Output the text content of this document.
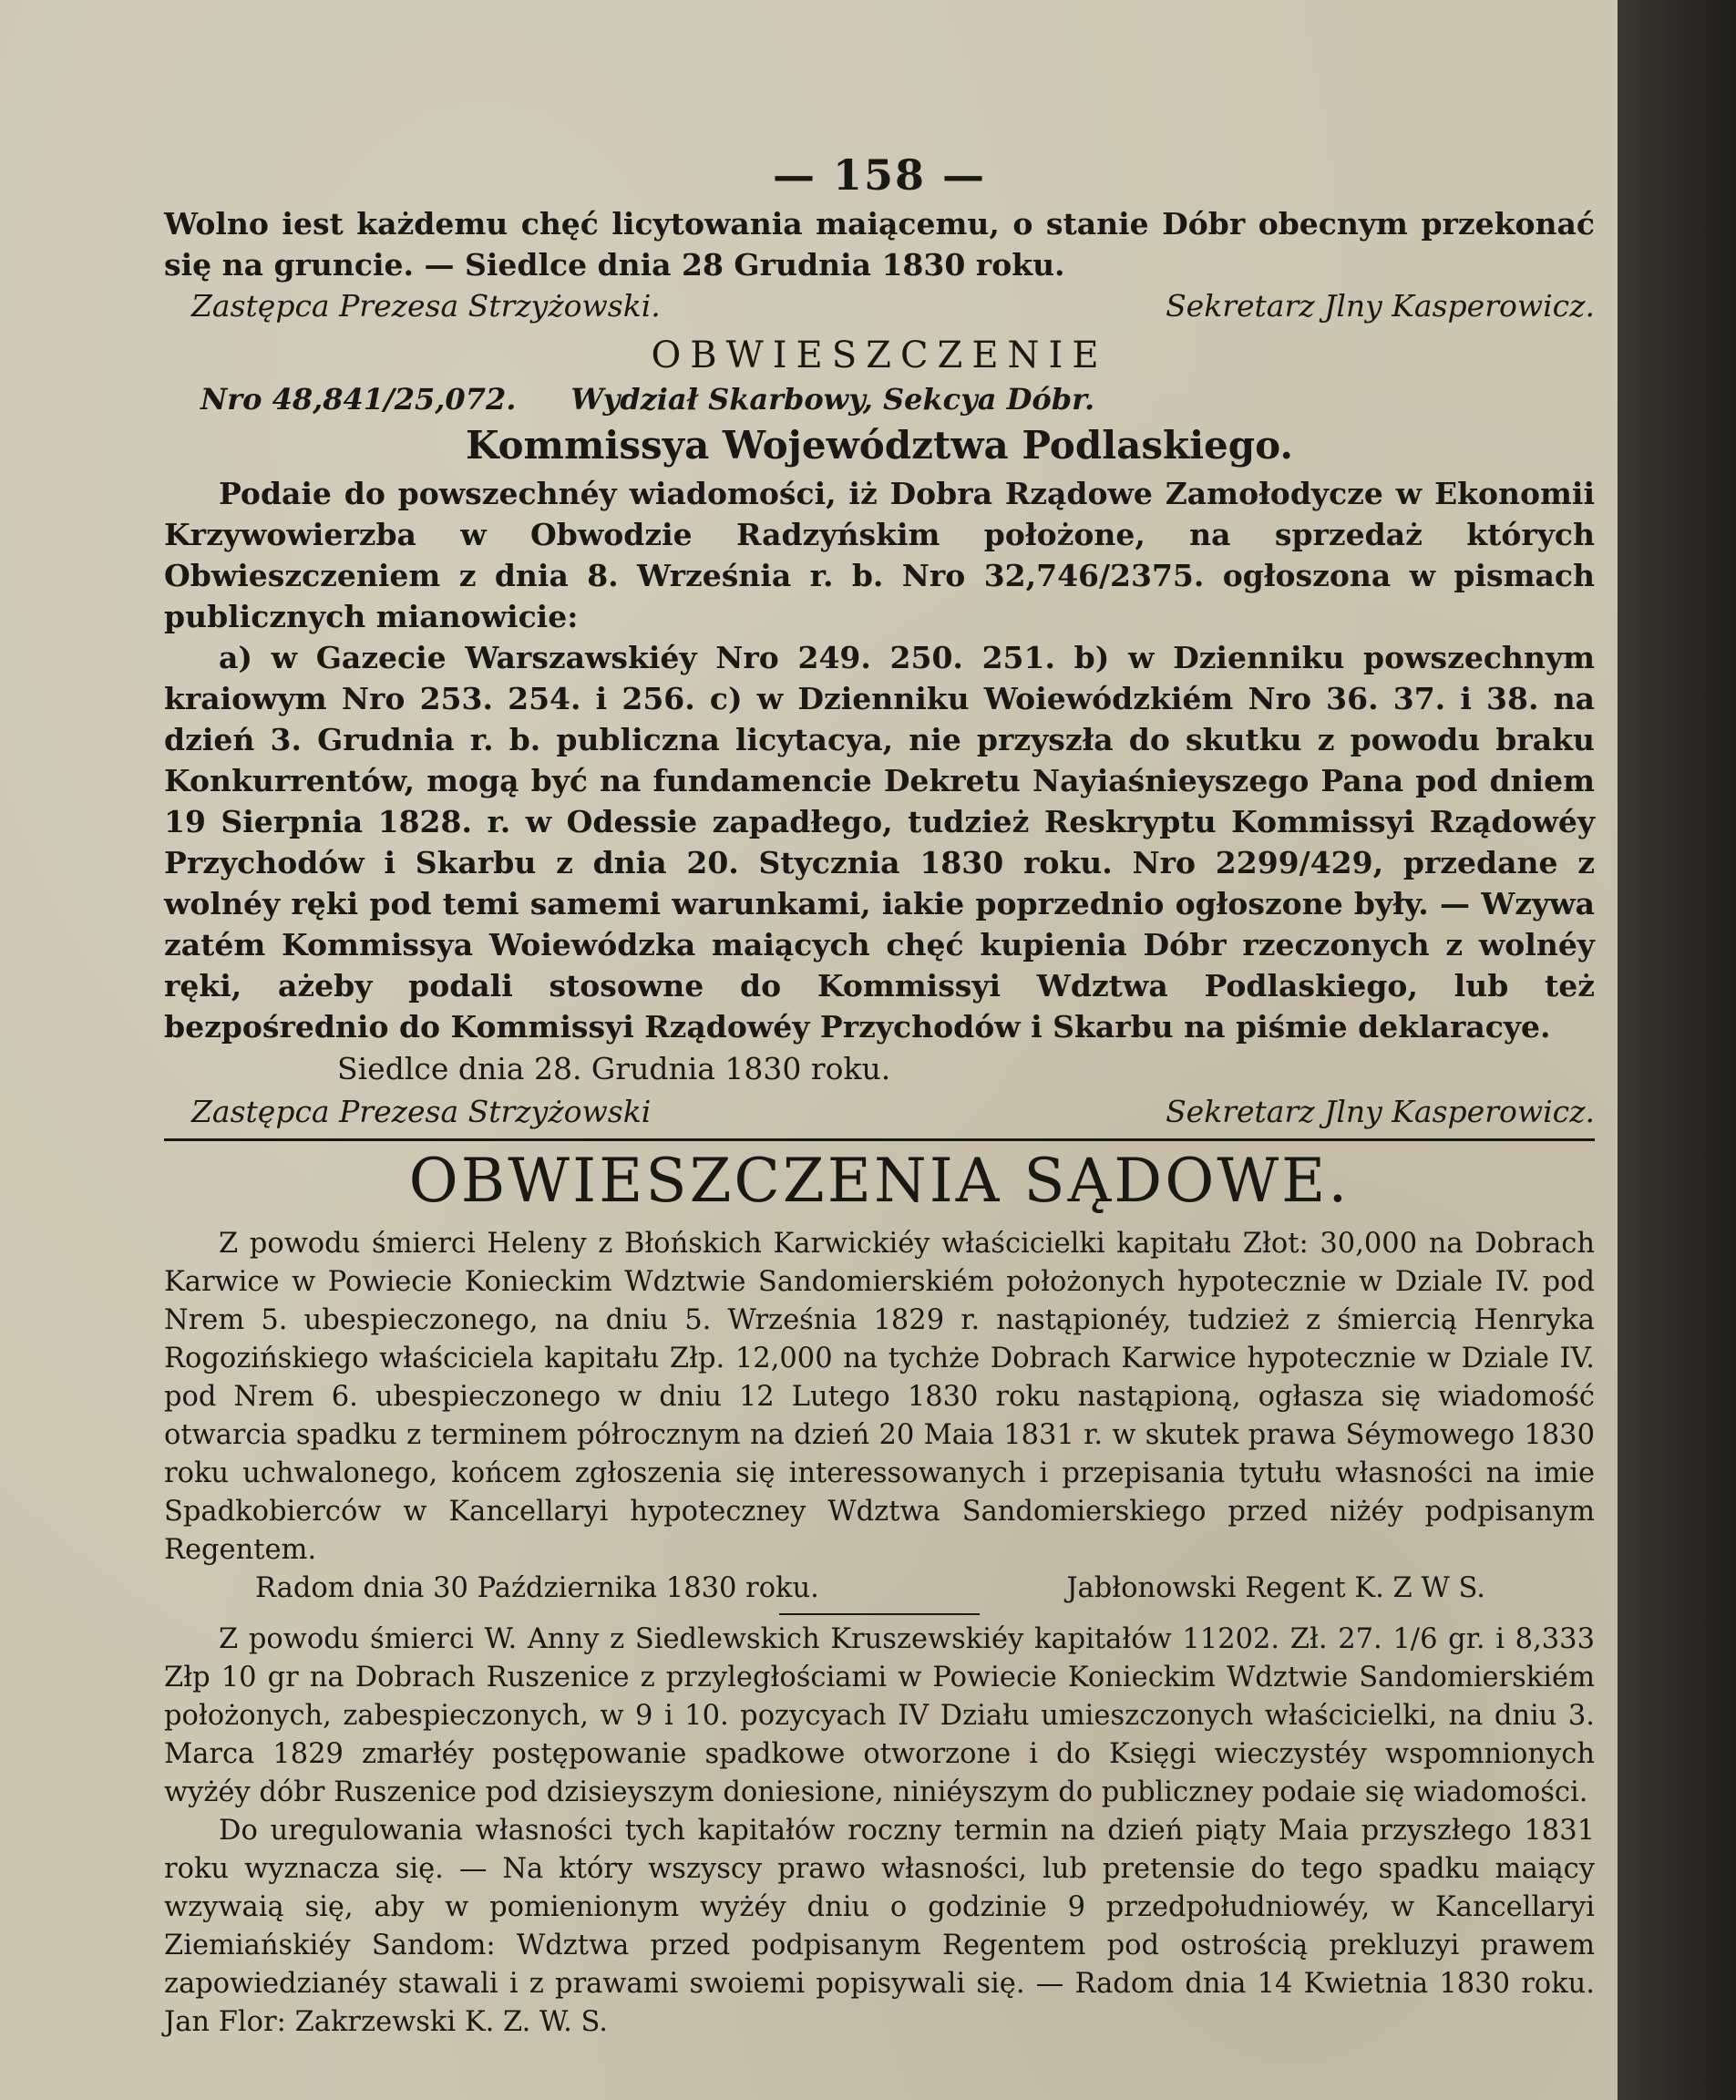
— 158 —

Wolno iest każdemu chęć licytowania maiącemu, o stanie Dóbr obecnym przekonać się na gruncie. — Siedlce dnia 28 Grudnia 1830 roku.

Zastępca Prezesa Strzyżowski.	Sekretarz Jlny Kasperowicz.
OBWIESZCZENIE
Nro 48,841/25,072. Wydział Skarbowy, Sekcya Dóbr.
Kommissya Województwa Podlaskiego.

Podaie do powszechnéy wiadomości, iż Dobra Rządowe Zamołodycze w Ekonomii Krzywowierzba w Obwodzie Radzyńskim położone, na sprzedaż których Obwieszczeniem z dnia 8. Września r. b. Nro 32,746/2375. ogłoszona w pismach publicznych mianowicie:

a) w Gazecie Warszawskiéy Nro 249. 250. 251. b) w Dzienniku powszechnym kraiowym Nro 253. 254. i 256. c) w Dzienniku Woiewódzkiém Nro 36. 37. i 38. na dzień 3. Grudnia r. b. publiczna licytacya, nie przyszła do skutku z powodu braku Konkurrentów, mogą być na fundamencie Dekretu Nayiaśnieyszego Pana pod dniem 19 Sierpnia 1828. r. w Odessie zapadłego, tudzież Reskryptu Kommissyi Rządowéy Przychodów i Skarbu z dnia 20. Stycznia 1830 roku. Nro 2299/429, przedane z wolnéy ręki pod temi samemi warunkami, iakie poprzednio ogłoszone były. — Wzywa zatém Kommissya Woiewódzka maiących chęć kupienia Dóbr rzeczonych z wolnéy ręki, ażeby podali stosowne do Kommissyi Wdztwa Podlaskiego, lub też bezpośrednio do Kommissyi Rządowéy Przychodów i Skarbu na piśmie deklaracye.

Siedlce dnia 28. Grudnia 1830 roku.
Zastępca Prezesa Strzyżowski	Sekretarz Jlny Kasperowicz.
OBWIESZCZENIA SĄDOWE.

Z powodu śmierci Heleny z Błońskich Karwickiéy właścicielki kapitału Złot: 30,000 na Dobrach Karwice w Powiecie Konieckim Wdztwie Sandomierskiém położonych hypotecznie w Dziale IV. pod Nrem 5. ubespieczonego, na dniu 5. Września 1829 r. nastąpionéy, tudzież z śmiercią Henryka Rogozińskiego właściciela kapitału Złp. 12,000 na tychże Dobrach Karwice hypotecznie w Dziale IV. pod Nrem 6. ubespieczonego w dniu 12 Lutego 1830 roku nastąpioną, ogłasza się wiadomość otwarcia spadku z terminem półrocznym na dzień 20 Maia 1831 r. w skutek prawa Séymowego 1830 roku uchwalonego, końcem zgłoszenia się interessowanych i przepisania tytułu własności na imie Spadkobierców w Kancellaryi hypoteczney Wdztwa Sandomierskiego przed niżéy podpisanym Regentem.

Radom dnia 30 Października 1830 roku.	Jabłonowski Regent K. Z W S.

Z powodu śmierci W. Anny z Siedlewskich Kruszewskiéy kapitałów 11202. Zł. 27. 1/6 gr. i 8,333 Złp 10 gr na Dobrach Ruszenice z przyległościami w Powiecie Konieckim Wdztwie Sandomierskiém położonych, zabespieczonych, w 9 i 10. pozycyach IV Działu umieszczonych właścicielki, na dniu 3. Marca 1829 zmarłéy postępowanie spadkowe otworzone i do Księgi wieczystéy wspomnionych wyżéy dóbr Ruszenice pod dzisieyszym doniesione, niniéyszym do publiczney podaie się wiadomości.

Do uregulowania własności tych kapitałów roczny termin na dzień piąty Maia przyszłego 1831 roku wyznacza się. — Na który wszyscy prawo własności, lub pretensie do tego spadku maiący wzywaią się, aby w pomienionym wyżéy dniu o godzinie 9 przedpołudniowéy, w Kancellaryi Ziemiańskiéy Sandom: Wdztwa przed podpisanym Regentem pod ostrością prekluzyi prawem zapowiedzianéy stawali i z prawami swoiemi popisywali się. — Radom dnia 14 Kwietnia 1830 roku. Jan Flor: Zakrzewski K. Z. W. S.
